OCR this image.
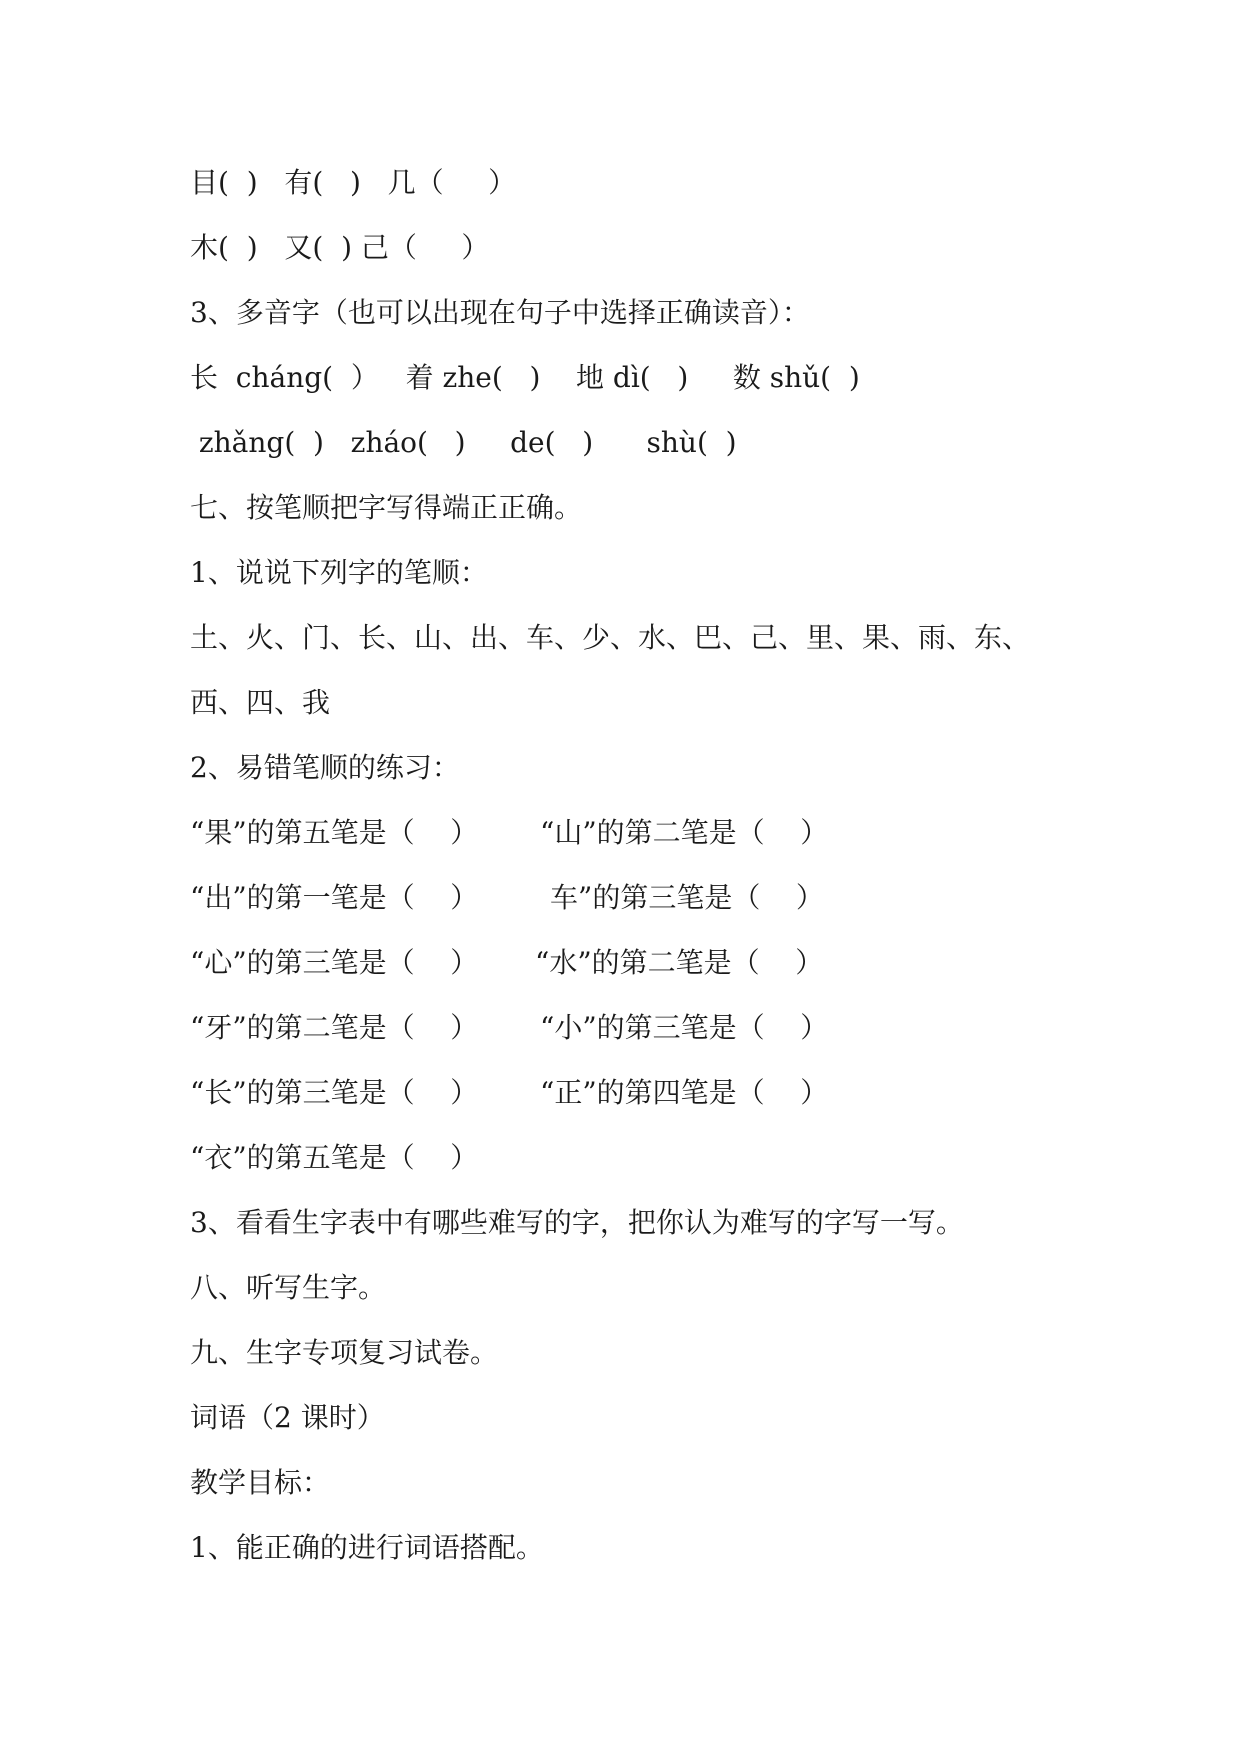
目(  )   有(   )   几（     ）
木(  )   又(  ) 己（     ）
3、多音字（也可以出现在句子中选择正确读音）：
长  cháng(  ）   着 zhe(   )    地 dì(   )     数 shǔ(  )
zhǎng(  )   zháo(   )     de(   )      shù(  )
七、按笔顺把字写得端正正确。
1、说说下列字的笔顺：
土、火、门、长、山、出、车、少、水、巴、己、里、果、雨、东、
西、四、我
2、易错笔顺的练习：

“果”的第五笔是（    ）

“山”的第二笔是（    ）

“出”的第一笔是（    ）

	车”的第三笔是（    ）

“心”的第三笔是（    ）

“水”的第二笔是（    ）

“牙”的第二笔是（    ）

“小”的第三笔是（    ）

“长”的第三笔是（    ）

“正”的第四笔是（    ）

“衣”的第五笔是（    ）

3、看看生字表中有哪些难写的字，把你认为难写的字写一写。
八、听写生字。
九、生字专项复习试卷。
词语（2 课时）
教学目标：
1、能正确的进行词语搭配。
